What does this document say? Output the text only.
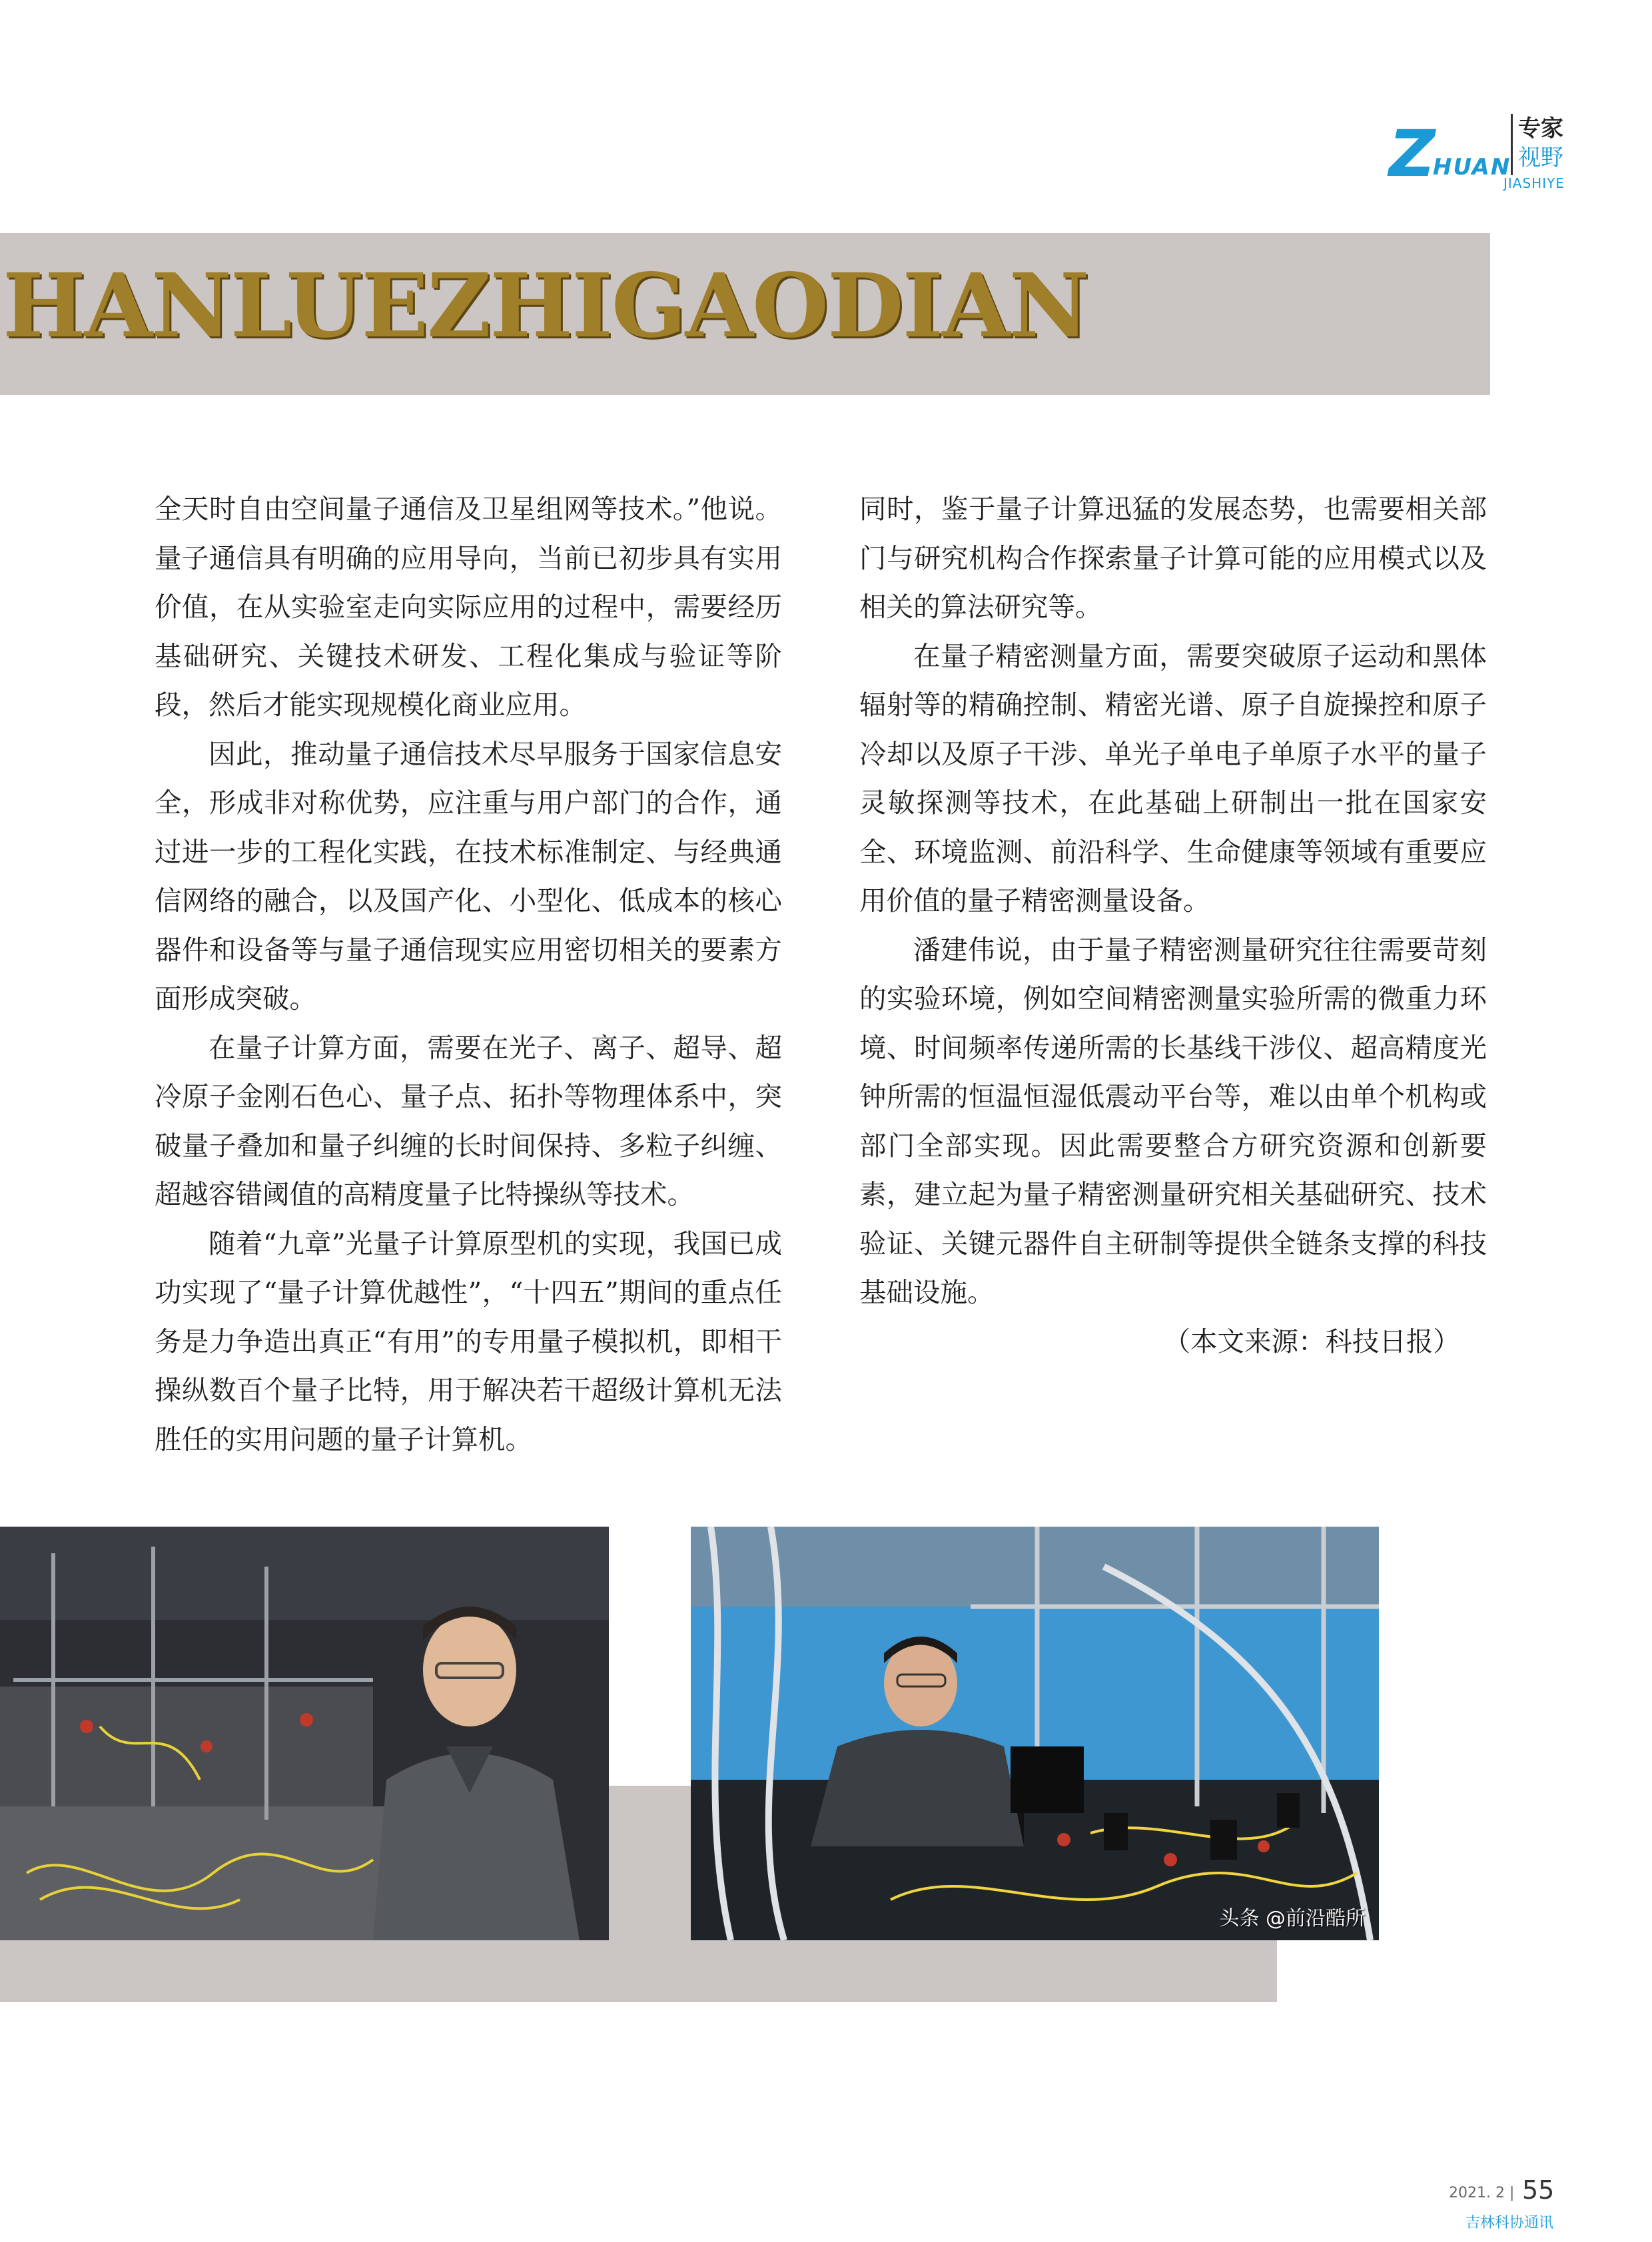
Z
HUAN
专家
视野
JIASHIYE
HANLUEZHIGAODIAN

全天时自由空间量子通信及卫星组网等技术。”他说。量子通信具有明确的应用导向，当前已初步具有实用价值，在从实验室走向实际应用的过程中，需要经历基础研究、关键技术研发、工程化集成与验证等阶段，然后才能实现规模化商业应用。

因此，推动量子通信技术尽早服务于国家信息安全，形成非对称优势，应注重与用户部门的合作，通过进一步的工程化实践，在技术标准制定、与经典通信网络的融合，以及国产化、小型化、低成本的核心器件和设备等与量子通信现实应用密切相关的要素方面形成突破。

在量子计算方面，需要在光子、离子、超导、超冷原子金刚石色心、量子点、拓扑等物理体系中，突破量子叠加和量子纠缠的长时间保持、多粒子纠缠、超越容错阈值的高精度量子比特操纵等技术。

随着“九章”光量子计算原型机的实现，我国已成功实现了“量子计算优越性”，“十四五”期间的重点任务是力争造出真正“有用”的专用量子模拟机，即相干操纵数百个量子比特，用于解决若干超级计算机无法胜任的实用问题的量子计算机。

同时，鉴于量子计算迅猛的发展态势，也需要相关部门与研究机构合作探索量子计算可能的应用模式以及相关的算法研究等。

在量子精密测量方面，需要突破原子运动和黑体辐射等的精确控制、精密光谱、原子自旋操控和原子冷却以及原子干涉、单光子单电子单原子水平的量子灵敏探测等技术，在此基础上研制出一批在国家安全、环境监测、前沿科学、生命健康等领域有重要应用价值的量子精密测量设备。

潘建伟说，由于量子精密测量研究往往需要苛刻的实验环境，例如空间精密测量实验所需的微重力环境、时间频率传递所需的长基线干涉仪、超高精度光钟所需的恒温恒湿低震动平台等，难以由单个机构或部门全部实现。因此需要整合方研究资源和创新要素，建立起为量子精密测量研究相关基础研究、技术验证、关键元器件自主研制等提供全链条支撑的科技基础设施。

（本文来源：科技日报）

头条 @前沿酷所
2021. 2 | 55
吉林科协通讯
